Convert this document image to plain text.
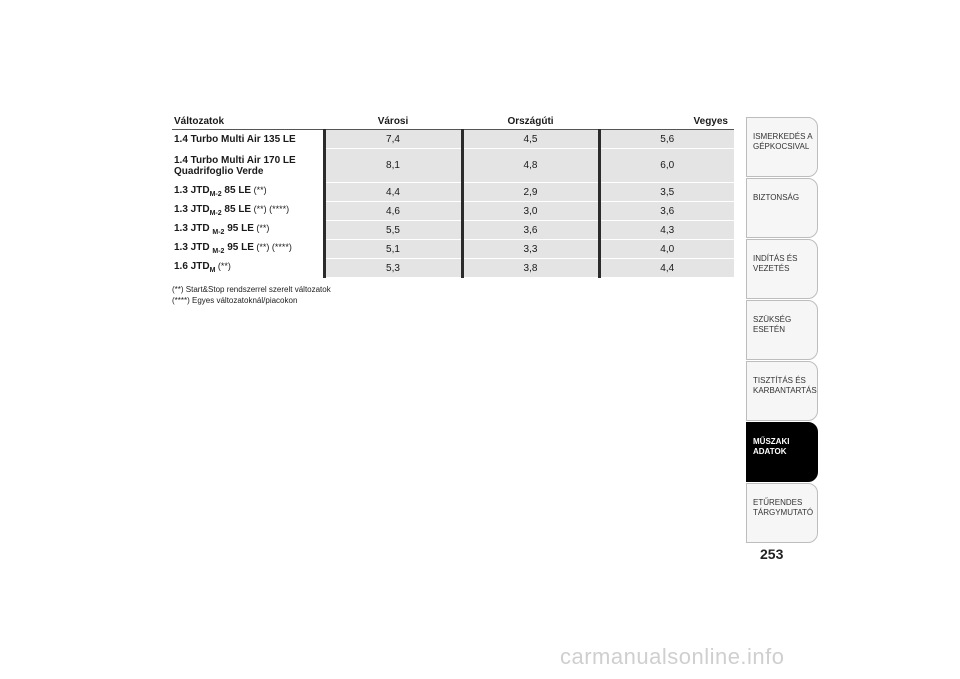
Változatok	Városi	Országúti	Vegyes
1.4 Turbo Multi Air 135 LE	7,4	4,5	5,6
1.4 Turbo Multi Air 170 LE
Quadrifoglio Verde	8,1	4,8	6,0
1.3 $JTD_{M-2}$ 85 LE (**)	4,4	2,9	3,5
1.3 $JTD_{M-2}$ 85 LE (**) (****)	4,6	3,0	3,6
1.3 JTD $_{M-2}$ 95 LE (**)	5,5	3,6	4,3
1.3 JTD $_{M-2}$ 95 LE (**) (****)	5,1	3,3	4,0
1.6 $JTD_M$ (**)	5,3	3,8	4,4
(**) Start&Stop rendszerrel szerelt változatok
(****) Egyes változatoknál/piacokon
ISMERKEDÉS A
GÉPKOCSIVAL
BIZTONSÁG
INDÍTÁS ÉS VEZETÉS
SZÜKSÉG ESETÉN
TISZTÍTÁS ÉS
KARBANTARTÁS
MŰSZAKI
ADATOK
ETŰRENDES
TÁRGYMUTATÓ
253
carmanualsonline.info
